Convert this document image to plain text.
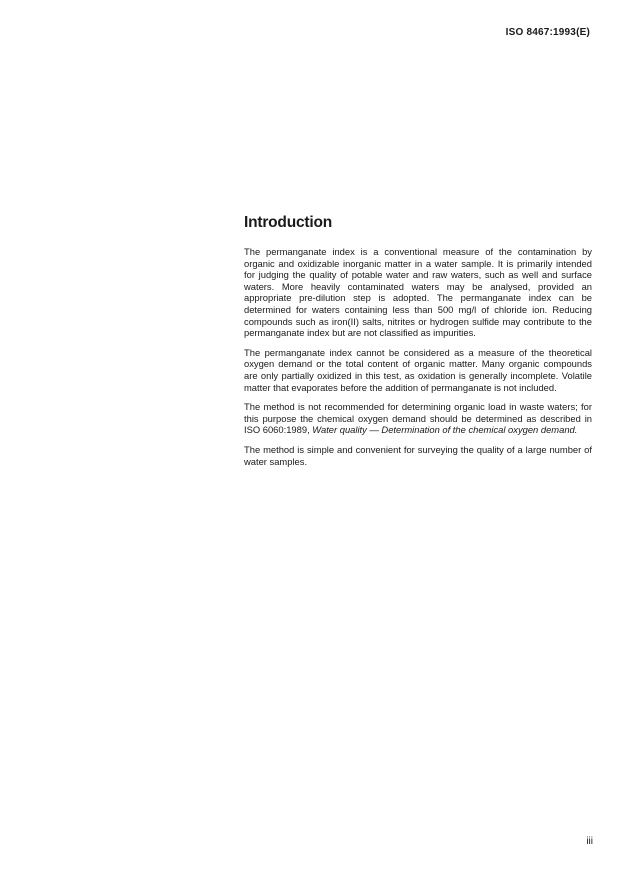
ISO 8467:1993(E)
Introduction

The permanganate index is a conventional measure of the contamination by organic and oxidizable inorganic matter in a water sample. It is primarily intended for judging the quality of potable water and raw waters, such as well and surface waters. More heavily contaminated waters may be analysed, provided an appropriate pre-dilution step is adopted. The permanganate index can be determined for waters containing less than 500 mg/l of chloride ion. Reducing compounds such as iron(II) salts, nitrites or hydrogen sulfide may contribute to the permanganate index but are not classified as impurities.

The permanganate index cannot be considered as a measure of the theoretical oxygen demand or the total content of organic matter. Many organic compounds are only partially oxidized in this test, as oxidation is generally incomplete. Volatile matter that evaporates before the addition of permanganate is not included.

The method is not recommended for determining organic load in waste waters; for this purpose the chemical oxygen demand should be determined as described in ISO 6060:1989, Water quality — Determination of the chemical oxygen demand.

The method is simple and convenient for surveying the quality of a large number of water samples.

iii
